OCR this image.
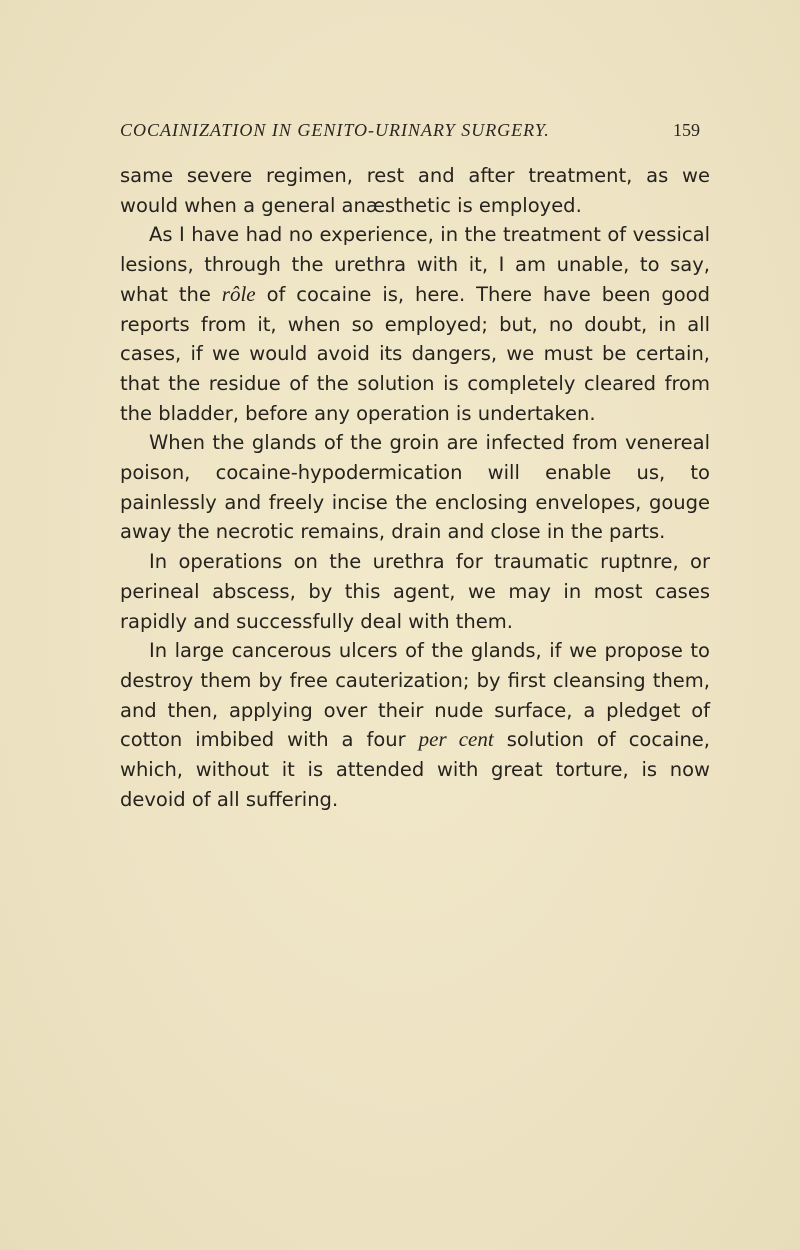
COCAINIZATION IN GENITO-URINARY SURGERY.	159

same severe regimen, rest and after treatment, as we would when a general anæsthetic is employed.

As I have had no experience, in the treatment of vessical lesions, through the urethra with it, I am unable, to say, what the rôle of cocaine is, here. There have been good reports from it, when so employed; but, no doubt, in all cases, if we would avoid its dangers, we must be certain, that the residue of the solution is completely cleared from the bladder, before any operation is undertaken.

When the glands of the groin are infected from venereal poison, cocaine-hypodermication will enable us, to painlessly and freely incise the enclosing envelopes, gouge away the necrotic remains, drain and close in the parts.

In operations on the urethra for traumatic ruptnre, or perineal abscess, by this agent, we may in most cases rapidly and successfully deal with them.

In large cancerous ulcers of the glands, if we propose to destroy them by free cauterization; by first cleansing them, and then, applying over their nude surface, a pledget of cotton imbibed with a four per cent solution of cocaine, which, without it is attended with great torture, is now devoid of all suffering.
